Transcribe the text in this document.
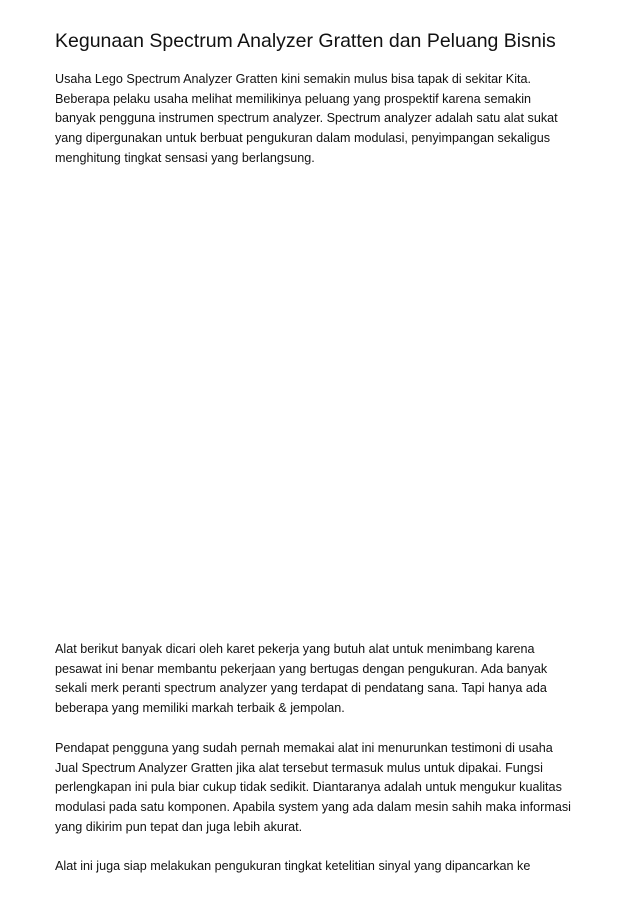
Kegunaan Spectrum Analyzer Gratten dan Peluang Bisnis

Usaha Lego Spectrum Analyzer Gratten kini semakin mulus bisa tapak di sekitar Kita.
Beberapa pelaku usaha melihat memilikinya peluang yang prospektif karena semakin
banyak pengguna instrumen spectrum analyzer. Spectrum analyzer adalah satu alat sukat
yang dipergunakan untuk berbuat pengukuran dalam modulasi, penyimpangan sekaligus
menghitung tingkat sensasi yang berlangsung.

Alat berikut banyak dicari oleh karet pekerja yang butuh alat untuk menimbang karena
pesawat ini benar membantu pekerjaan yang bertugas dengan pengukuran. Ada banyak
sekali merk peranti spectrum analyzer yang terdapat di pendatang sana. Tapi hanya ada
beberapa yang memiliki markah terbaik & jempolan.

Pendapat pengguna yang sudah pernah memakai alat ini menurunkan testimoni di usaha
Jual Spectrum Analyzer Gratten jika alat tersebut termasuk mulus untuk dipakai. Fungsi
perlengkapan ini pula biar cukup tidak sedikit. Diantaranya adalah untuk mengukur kualitas
modulasi pada satu komponen. Apabila system yang ada dalam mesin sahih maka informasi
yang dikirim pun tepat dan juga lebih akurat.

Alat ini juga siap melakukan pengukuran tingkat ketelitian sinyal yang dipancarkan ke
